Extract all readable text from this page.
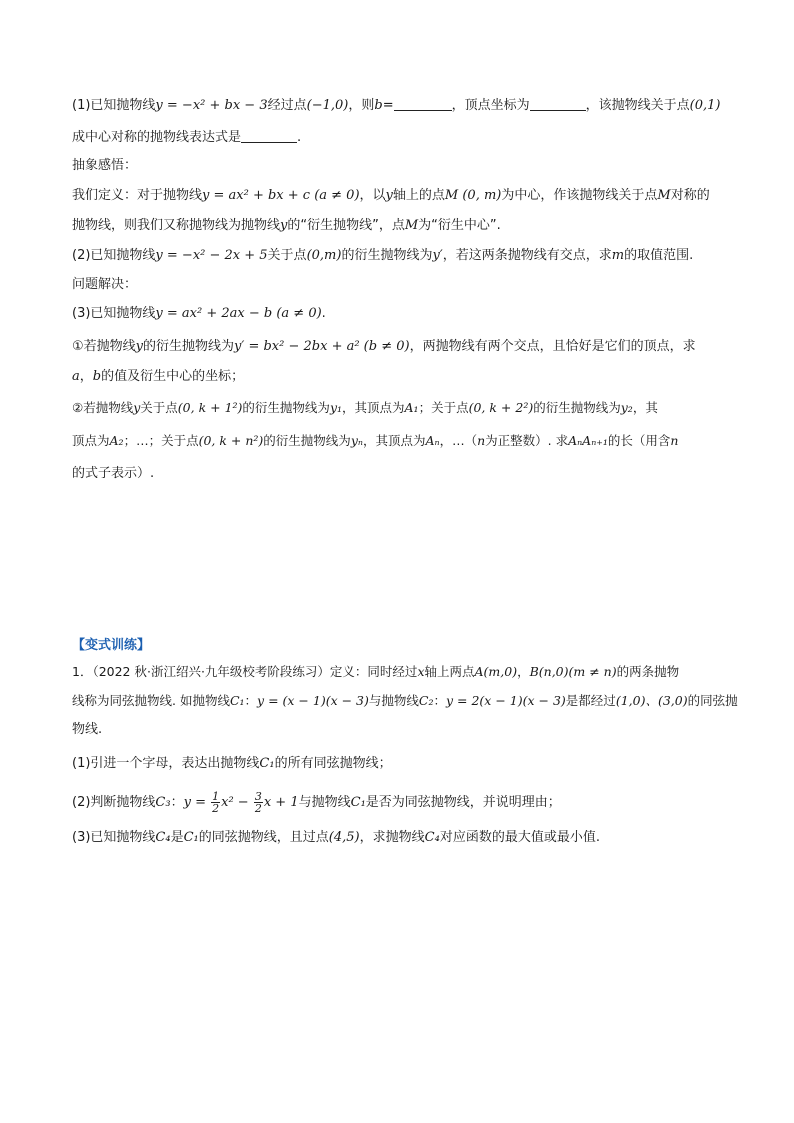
(1)已知抛物线y = −x² + bx − 3经过点(−1,0)，则b=	，顶点坐标为	，该抛物线关于点(0,1)
成中心对称的抛物线表达式是	.
抽象感悟：
我们定义：对于抛物线y = ax² + bx + c (a ≠ 0)，以y轴上的点M (0, m)为中心，作该抛物线关于点M对称的
抛物线，则我们又称抛物线为抛物线y的“衍生抛物线”，点M为“衍生中心”.
(2)已知抛物线y = −x² − 2x + 5关于点(0,m)的衍生抛物线为y′，若这两条抛物线有交点，求m的取值范围.
问题解决：
(3)已知抛物线y = ax² + 2ax − b (a ≠ 0).
①若抛物线y的衍生抛物线为y′ = bx² − 2bx + a² (b ≠ 0)，两抛物线有两个交点，且恰好是它们的顶点，求
a，b的值及衍生中心的坐标；
②若抛物线y关于点(0, k + 1²)的衍生抛物线为y₁，其顶点为A₁；关于点(0, k + 2²)的衍生抛物线为y₂，其
顶点为A₂；…；关于点(0, k + n²)的衍生抛物线为yₙ，其顶点为Aₙ，…（n为正整数）. 求AₙAₙ₊₁的长（用含n
的式子表示）.
【变式训练】
1．（2022 秋·浙江绍兴·九年级校考阶段练习）定义：同时经过x轴上两点A(m,0)，B(n,0)(m ≠ n)的两条抛物
线称为同弦抛物线. 如抛物线C₁：y = (x − 1)(x − 3)与抛物线C₂：y = 2(x − 1)(x − 3)是都经过(1,0)、(3,0)的同弦抛
物线.
(1)引进一个字母，表达出抛物线C₁的所有同弦抛物线；
(2)判断抛物线C₃：$y = \frac{1}{2} x^2 - \frac{3}{2}$ x + 1与抛物线C₁是否为同弦抛物线，并说明理由；
(3)已知抛物线C₄是C₁的同弦抛物线，且过点(4,5)，求抛物线C₄对应函数的最大值或最小值.
